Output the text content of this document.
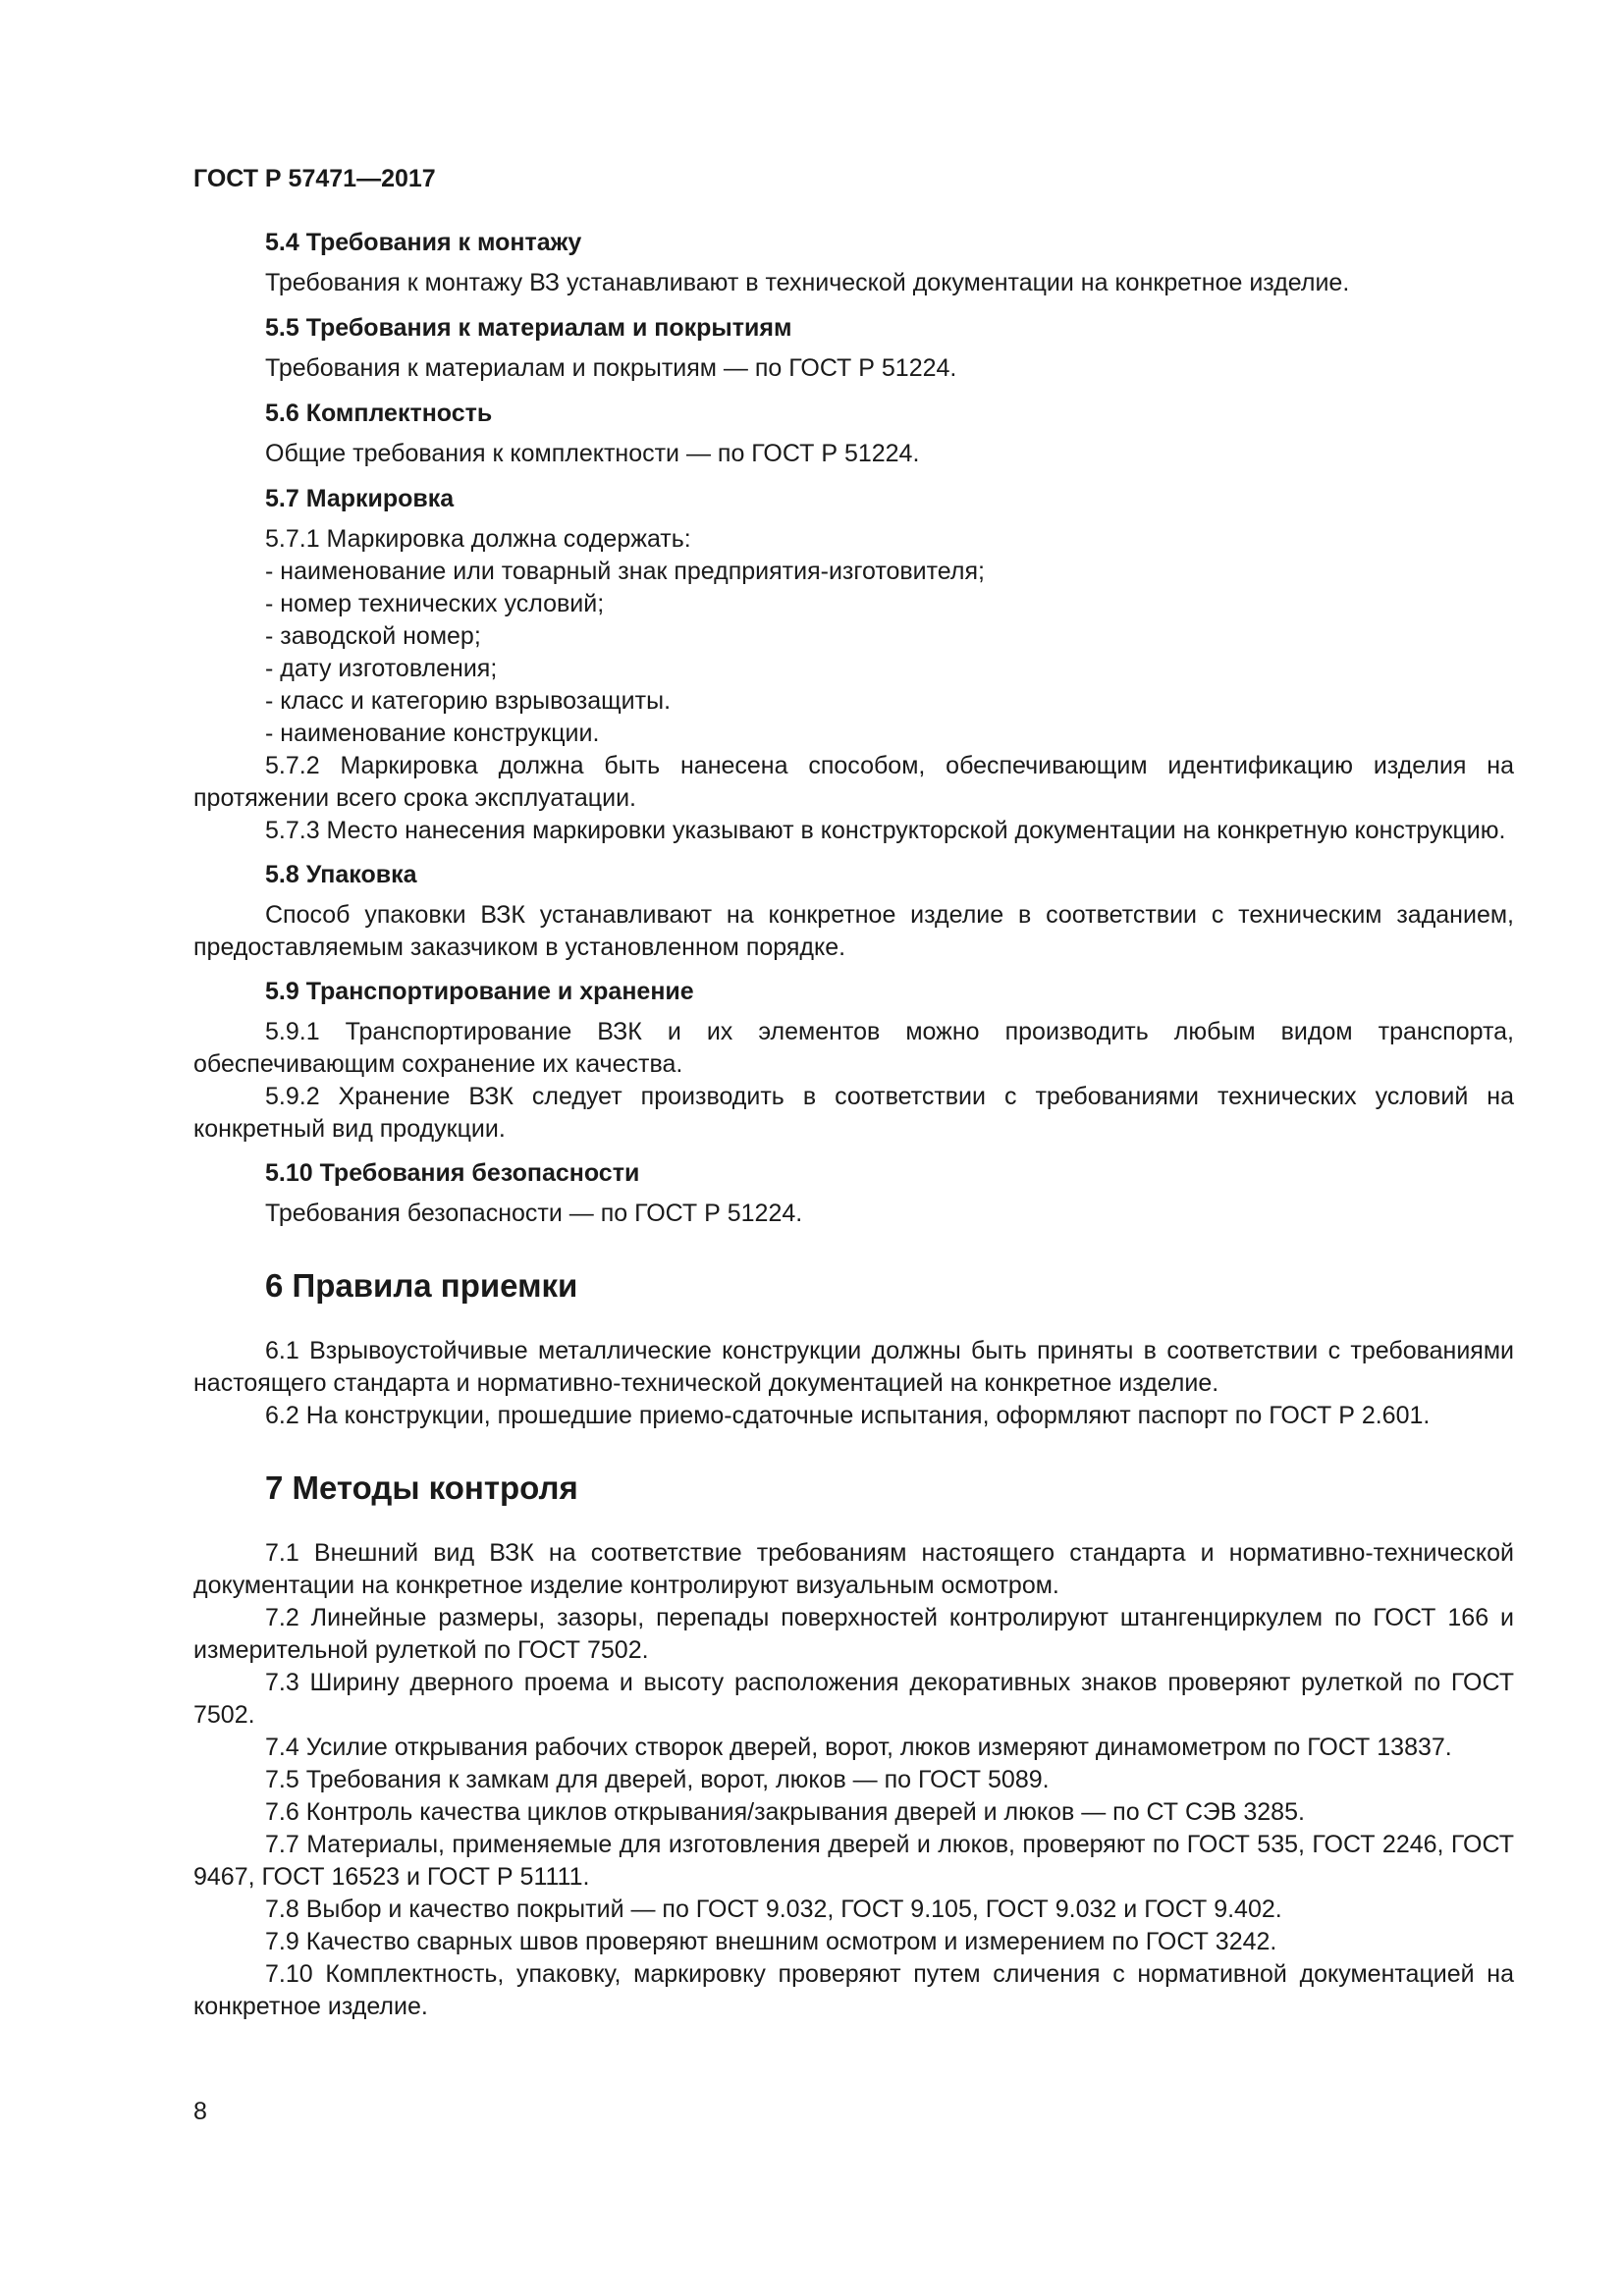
ГОСТ Р 57471—2017
5.4 Требования к монтажу
Требования к монтажу ВЗ устанавливают в технической документации на конкретное изделие.
5.5 Требования к материалам и покрытиям
Требования к материалам и покрытиям — по ГОСТ Р 51224.
5.6 Комплектность
Общие требования к комплектности — по ГОСТ Р 51224.
5.7 Маркировка
5.7.1 Маркировка должна содержать:
- наименование или товарный знак предприятия-изготовителя;
- номер технических условий;
- заводской номер;
- дату изготовления;
- класс и категорию взрывозащиты.
- наименование конструкции.

5.7.2 Маркировка должна быть нанесена способом, обеспечивающим идентификацию изделия на протяжении всего срока эксплуатации.

5.7.3 Место нанесения маркировки указывают в конструкторской документации на конкретную конструкцию.

5.8 Упаковка

Способ упаковки ВЗК устанавливают на конкретное изделие в соответствии с техническим заданием, предоставляемым заказчиком в установленном порядке.

5.9 Транспортирование и хранение

5.9.1 Транспортирование ВЗК и их элементов можно производить любым видом транспорта, обеспечивающим сохранение их качества.

5.9.2 Хранение ВЗК следует производить в соответствии с требованиями технических условий на конкретный вид продукции.

5.10 Требования безопасности
Требования безопасности — по ГОСТ Р 51224.
6 Правила приемки

6.1 Взрывоустойчивые металлические конструкции должны быть приняты в соответствии с требованиями настоящего стандарта и нормативно-технической документацией на конкретное изделие.

6.2 На конструкции, прошедшие приемо-сдаточные испытания, оформляют паспорт по ГОСТ Р 2.601.

7 Методы контроля

7.1 Внешний вид ВЗК на соответствие требованиям настоящего стандарта и нормативно-технической документации на конкретное изделие контролируют визуальным осмотром.

7.2 Линейные размеры, зазоры, перепады поверхностей контролируют штангенциркулем по ГОСТ 166 и измерительной рулеткой по ГОСТ 7502.

7.3 Ширину дверного проема и высоту расположения декоративных знаков проверяют рулеткой по ГОСТ 7502.

7.4 Усилие открывания рабочих створок дверей, ворот, люков измеряют динамометром по ГОСТ 13837.

7.5 Требования к замкам для дверей, ворот, люков — по ГОСТ 5089.

7.6 Контроль качества циклов открывания/закрывания дверей и люков — по СТ СЭВ 3285.

7.7 Материалы, применяемые для изготовления дверей и люков, проверяют по ГОСТ 535, ГОСТ 2246, ГОСТ 9467, ГОСТ 16523 и ГОСТ Р 51111.

7.8 Выбор и качество покрытий — по ГОСТ 9.032, ГОСТ 9.105, ГОСТ 9.032 и ГОСТ 9.402.

7.9 Качество сварных швов проверяют внешним осмотром и измерением по ГОСТ 3242.

7.10 Комплектность, упаковку, маркировку проверяют путем сличения с нормативной документацией на конкретное изделие.

8
